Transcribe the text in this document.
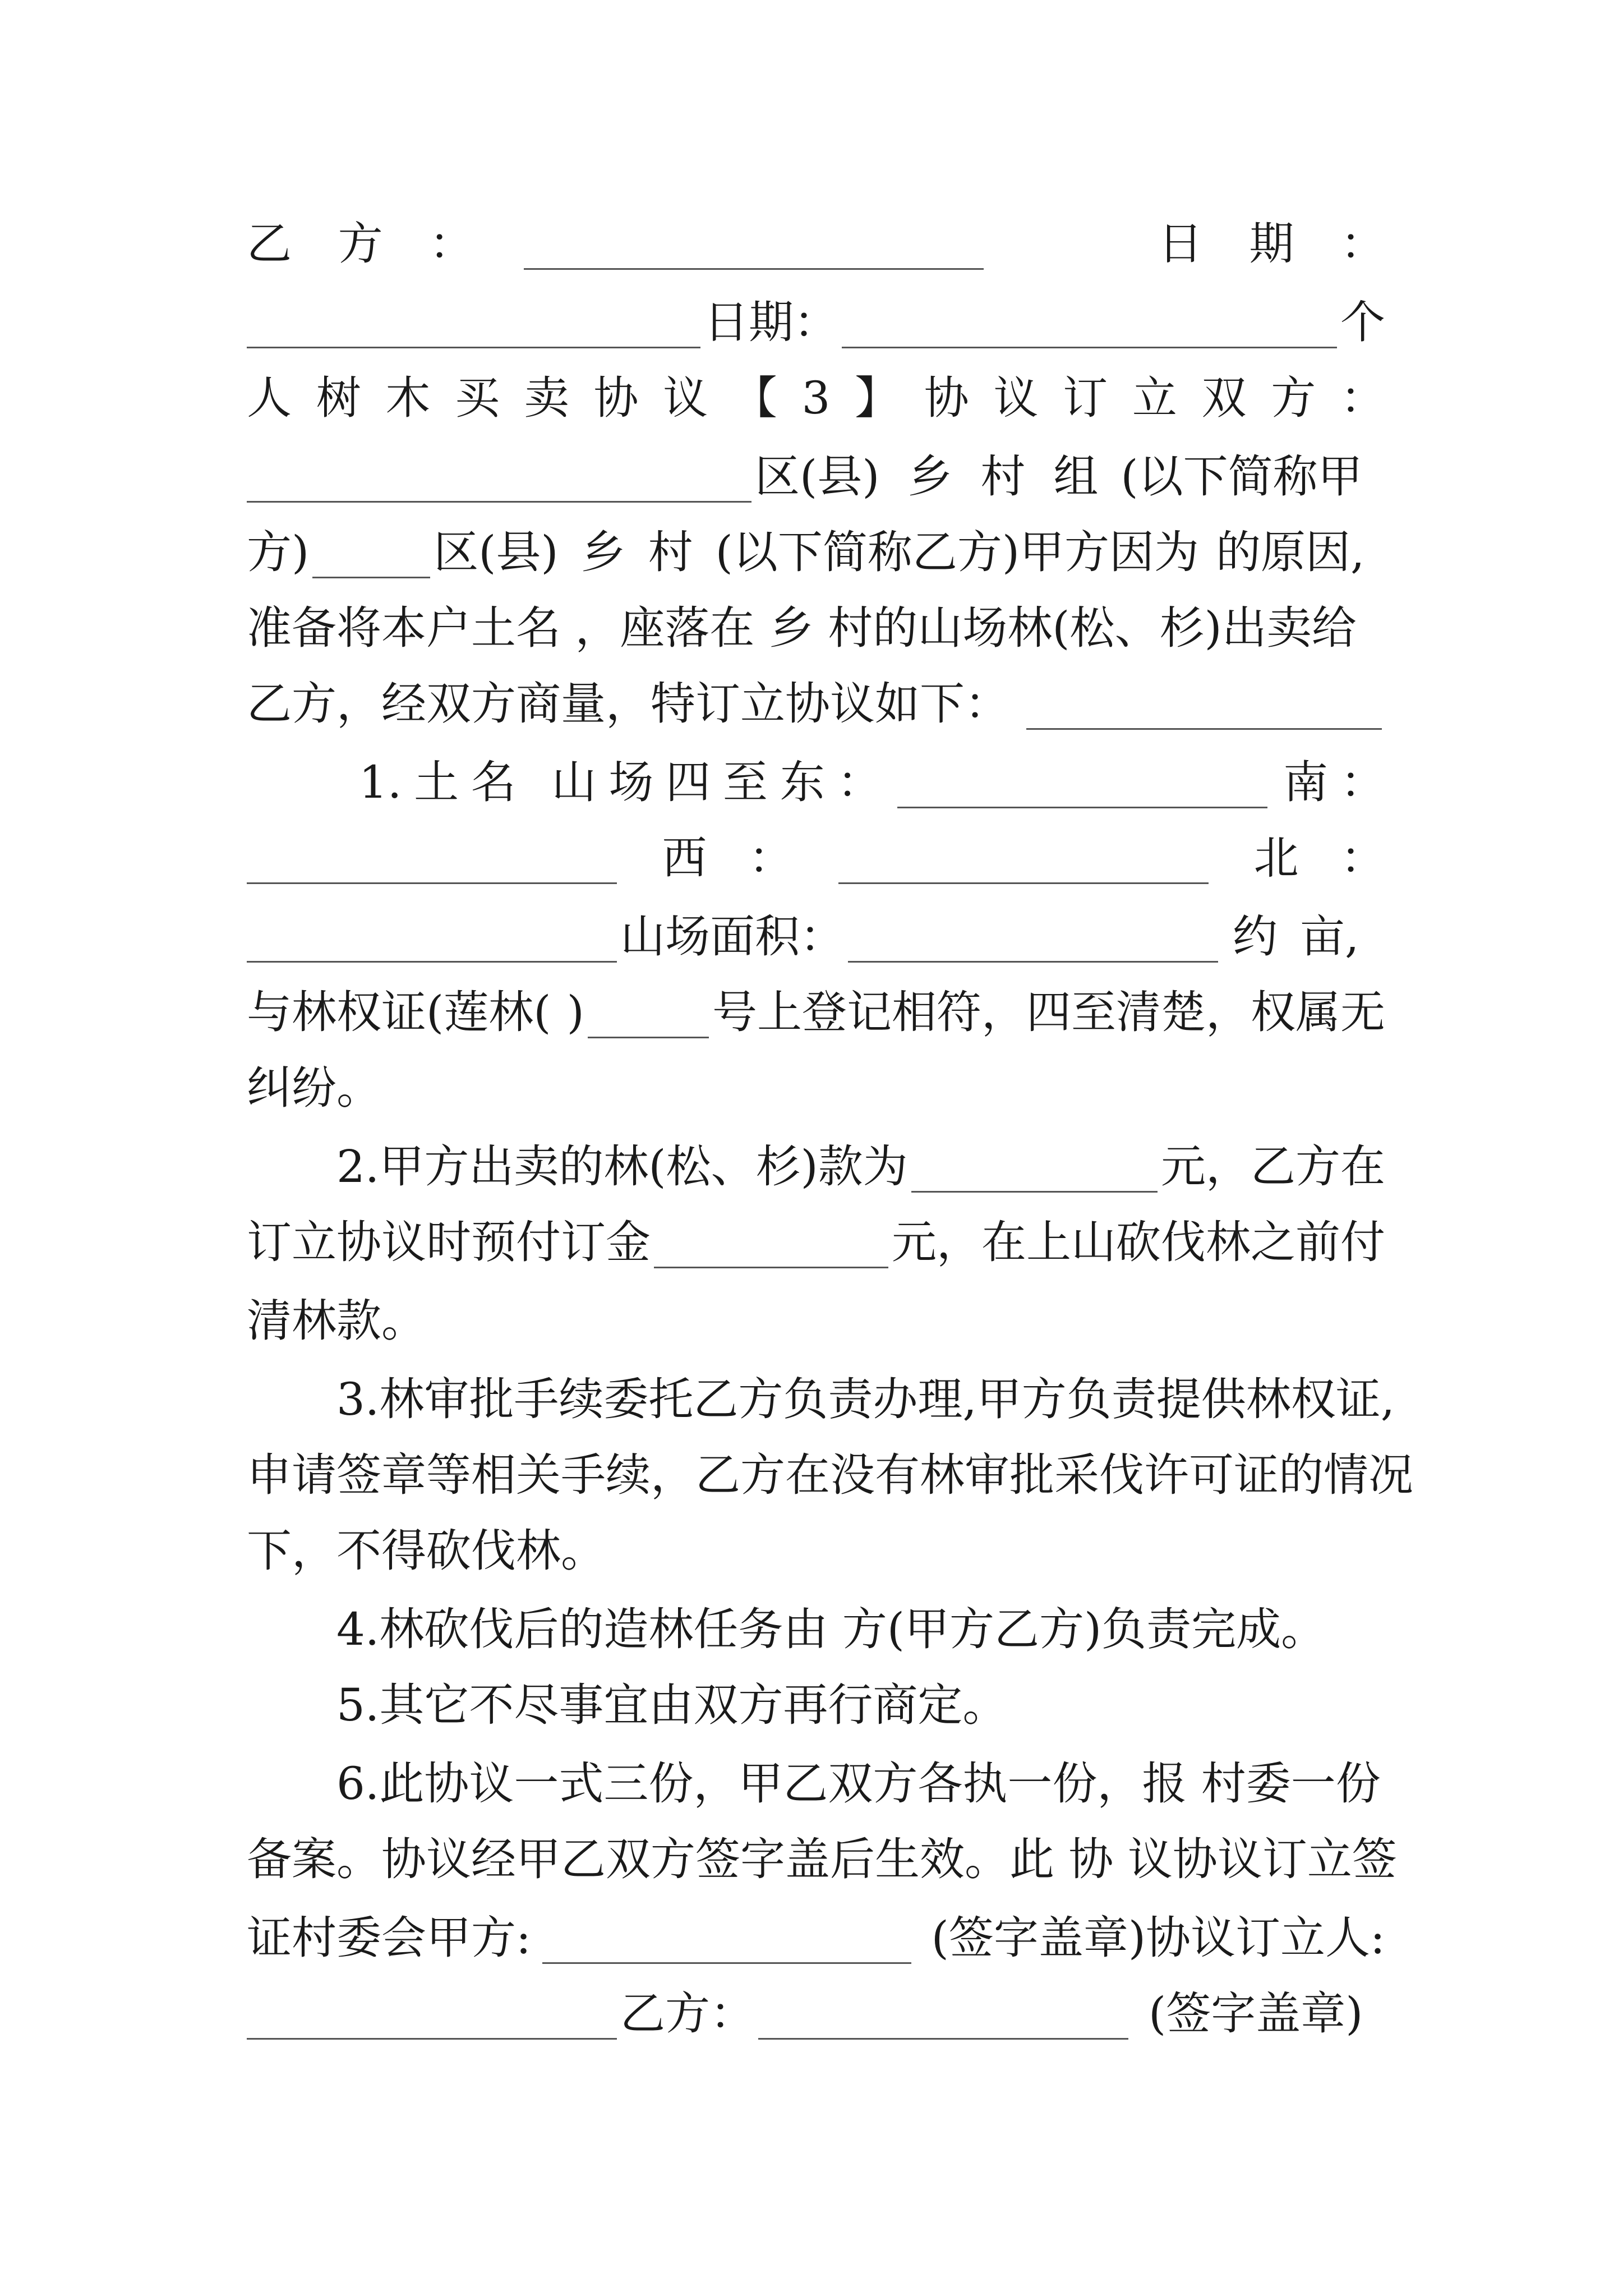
乙 方 ：	日 期 ：
日期：	个
人 树 木 买 卖 协 议 【 3 】 协 议 订 立 双 方 ：
区(县) 乡 村 组 (以下简称甲
方)	区(县) 乡 村 (以下简称乙方)甲方因为 的原因,
准备将本户土名 ，座落在 乡 村的山场林(松、杉)出卖给
乙方，经双方商量，特订立协议如下：
1. 土 名 山 场 四 至 东 ：	南 ：
西 ：	北 ：
山场面积：	约 亩,
与林权证(莲林( )	号上登记相符，四至清楚，权属无
纠纷。
2.甲方出卖的林(松、杉)款为	元，乙方在
订立协议时预付订金	元，在上山砍伐林之前付
清林款。
3.林审批手续委托乙方负责办理,甲方负责提供林权证,
申请签章等相关手续，乙方在没有林审批采伐许可证的情况
下，不得砍伐林。
4.林砍伐后的造林任务由 方(甲方乙方)负责完成。
5.其它不尽事宜由双方再行商定。
6.此协议一式三份，甲乙双方各执一份，报 村委一份
备案。协议经甲乙双方签字盖后生效。此 协 议协议订立签
证村委会甲方:	(签字盖章)协议订立人:
乙方：	(签字盖章)
